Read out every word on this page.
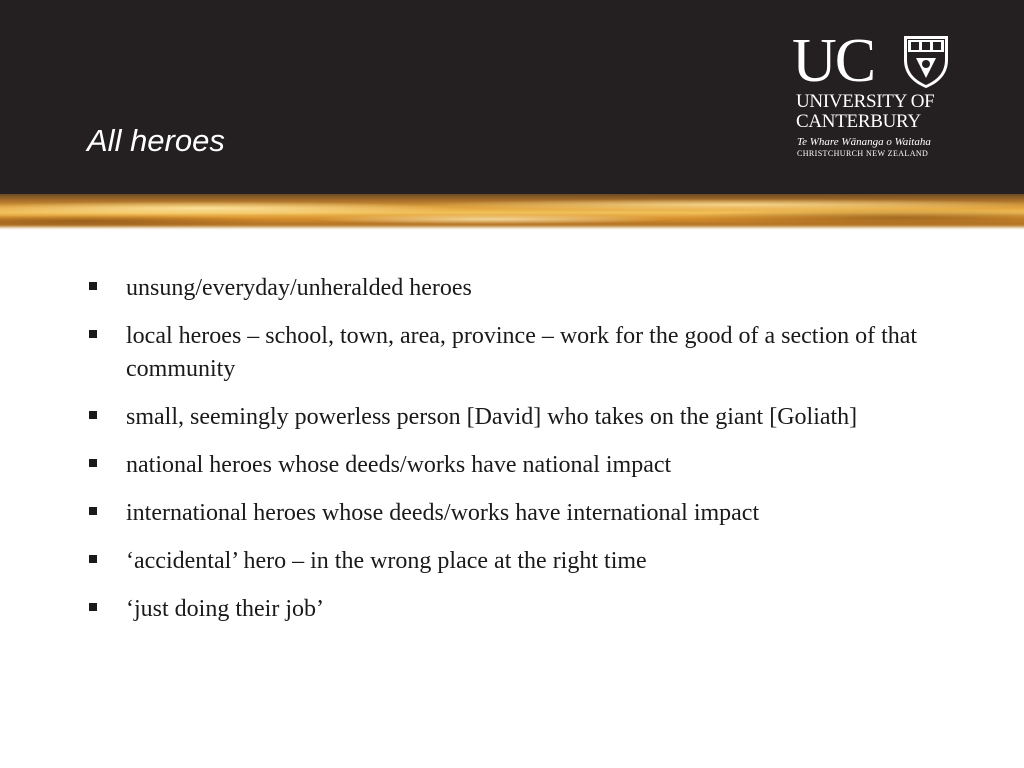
All heroes
UC
UNIVERSITY OF
CANTERBURY
Te Whare Wānanga o Waitaha
CHRISTCHURCH NEW ZEALAND
unsung/everyday/unheralded heroes
local heroes – school, town, area, province – work for the good of a section of that community
small, seemingly powerless person [David] who takes on the giant [Goliath]
national heroes whose deeds/works have national impact
international heroes whose deeds/works have international impact
‘accidental’ hero – in the wrong place at the right time
‘just doing their job’
